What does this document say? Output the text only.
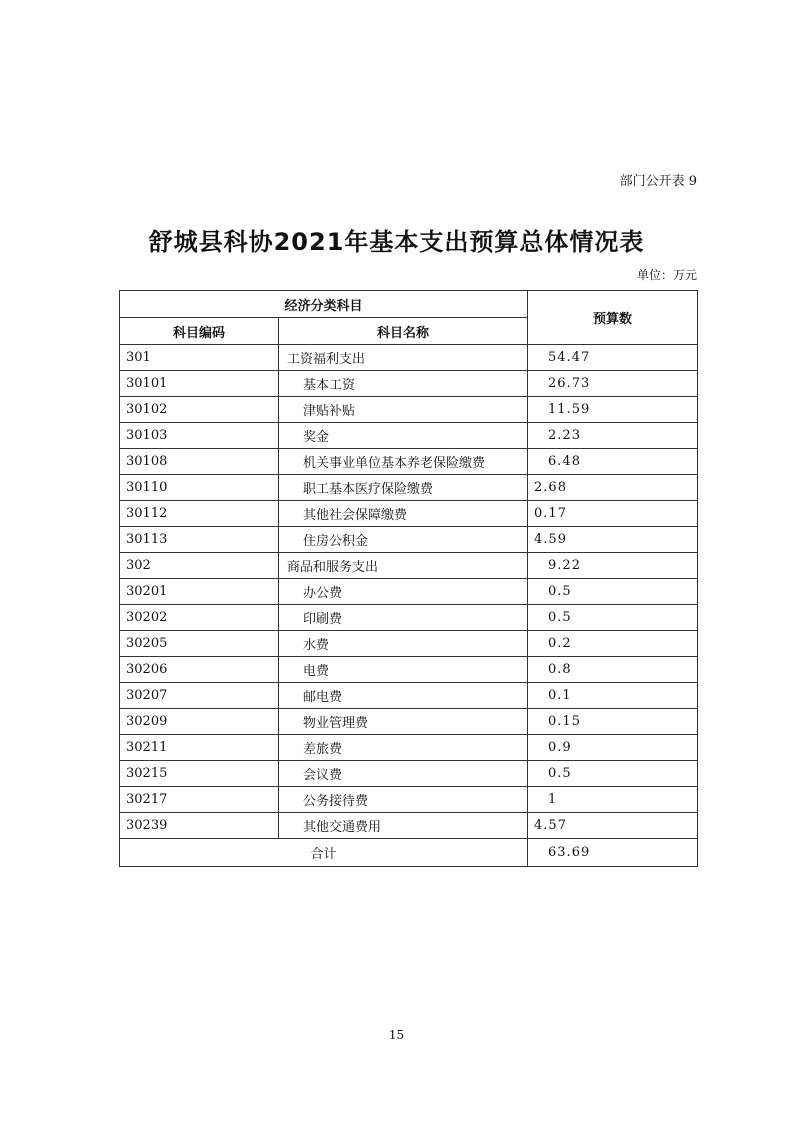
部门公开表 9
舒城县科协2021年基本支出预算总体情况表
单位：万元
经济分类科目		预算数
科目编码	科目名称	
301	工资福利支出	54.47
30101	基本工资	26.73
30102	津贴补贴	11.59
30103	奖金	2.23
30108	机关事业单位基本养老保险缴费	6.48
30110	职工基本医疗保险缴费	2.68
30112	其他社会保障缴费	0.17
30113	住房公积金	4.59
302	商品和服务支出	9.22
30201	办公费	0.5
30202	印刷费	0.5
30205	水费	0.2
30206	电费	0.8
30207	邮电费	0.1
30209	物业管理费	0.15
30211	差旅费	0.9
30215	会议费	0.5
30217	公务接待费	1
30239	其他交通费用	4.57
合计		63.69
15
